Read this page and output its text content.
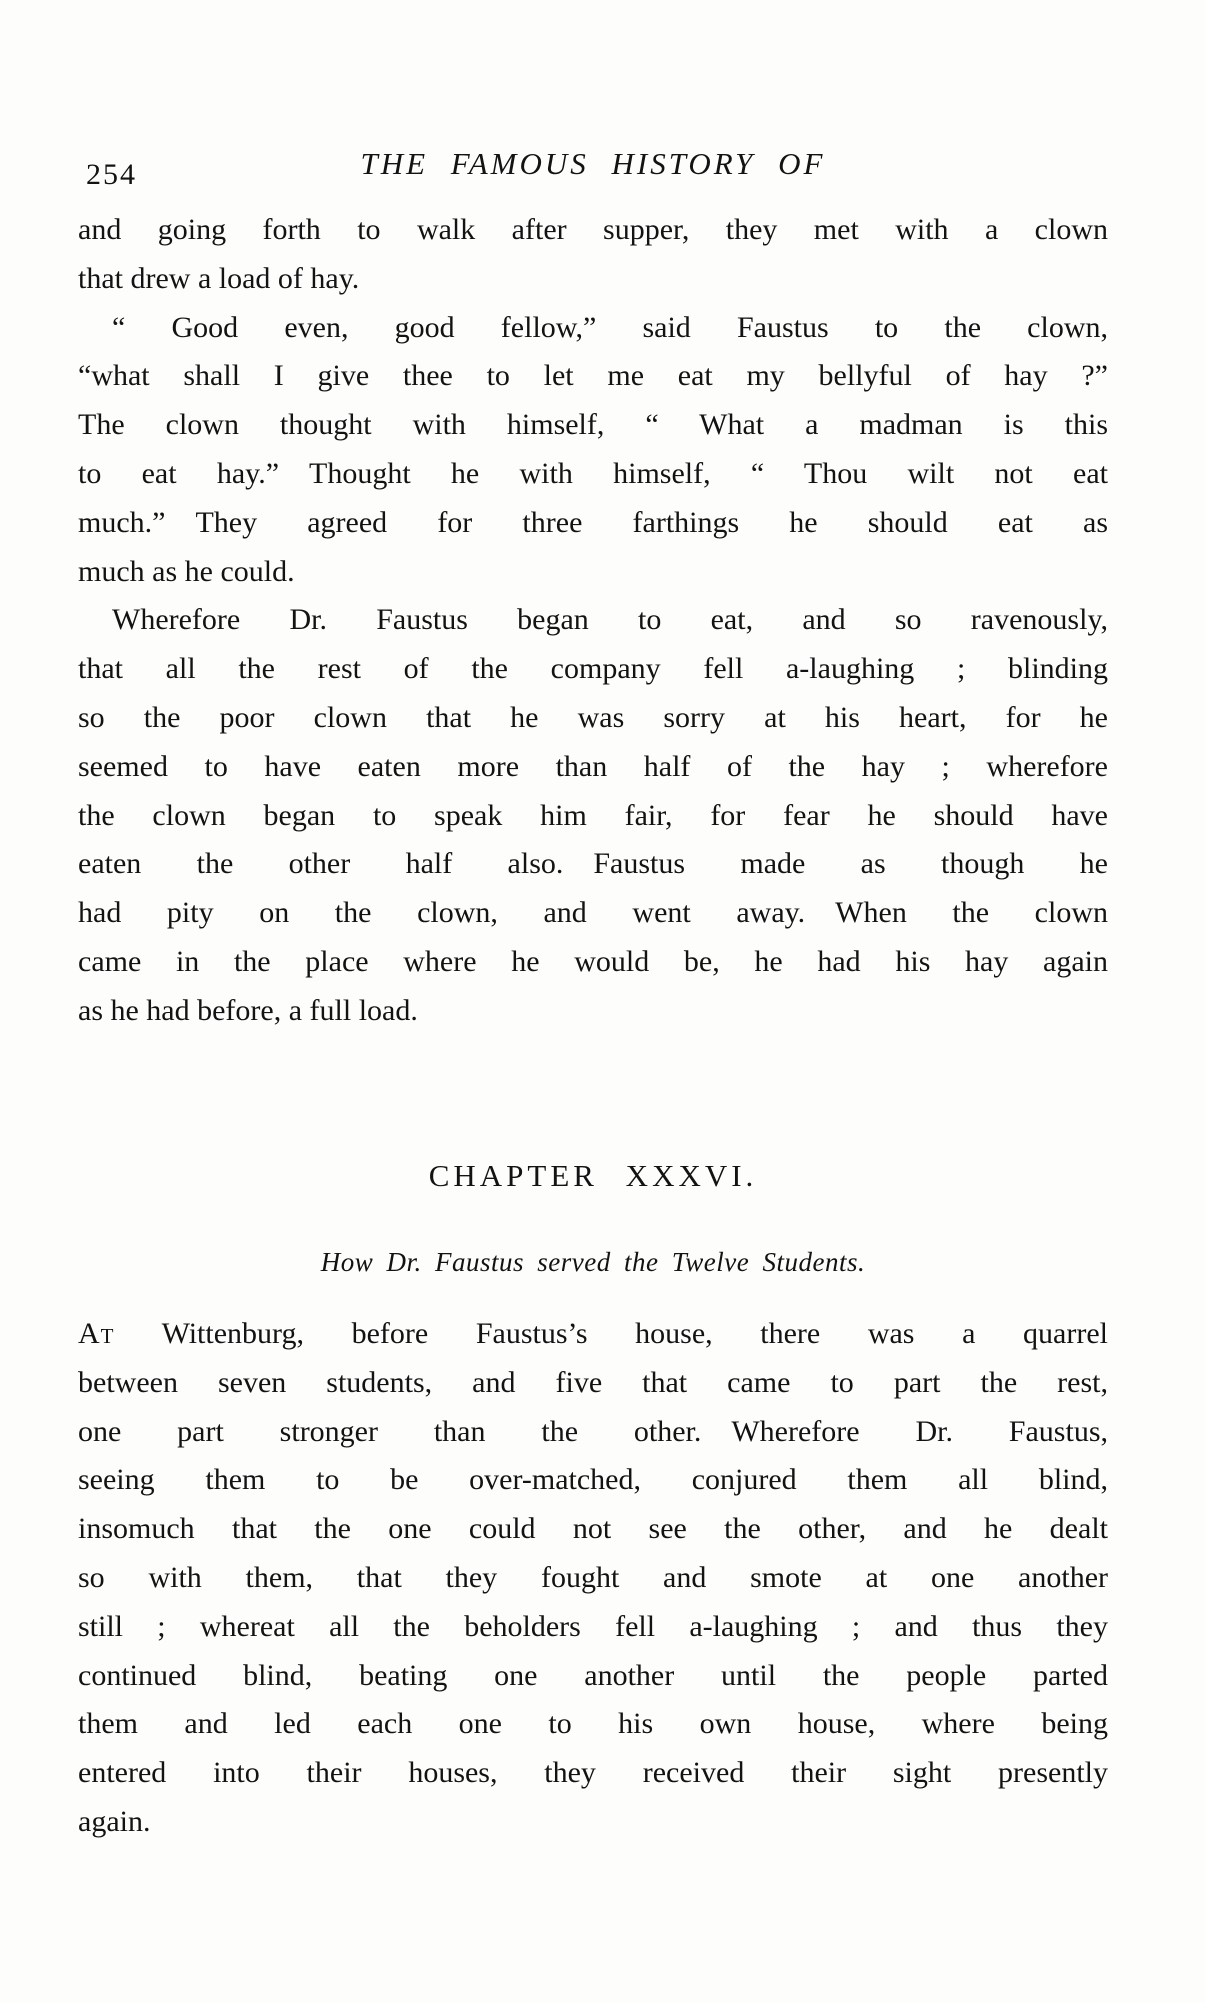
254	THE FAMOUS HISTORY OF
and going forth to walk after supper, they met with a clown
that drew a load of hay.
“ Good even, good fellow,” said Faustus to the clown,
“what shall I give thee to let me eat my bellyful of hay ?”
The clown thought with himself, “ What a madman is this
to eat hay.” Thought he with himself, “ Thou wilt not eat
much.” They agreed for three farthings he should eat as
much as he could.
Wherefore Dr. Faustus began to eat, and so ravenously,
that all the rest of the company fell a-laughing ; blinding
so the poor clown that he was sorry at his heart, for he
seemed to have eaten more than half of the hay ; wherefore
the clown began to speak him fair, for fear he should have
eaten the other half also. Faustus made as though he
had pity on the clown, and went away. When the clown
came in the place where he would be, he had his hay again
as he had before, a full load.
CHAPTER XXXVI.
How Dr. Faustus served the Twelve Students.
At Wittenburg, before Faustus’s house, there was a quarrel
between seven students, and five that came to part the rest,
one part stronger than the other. Wherefore Dr. Faustus,
seeing them to be over-matched, conjured them all blind,
insomuch that the one could not see the other, and he dealt
so with them, that they fought and smote at one another
still ; whereat all the beholders fell a-laughing ; and thus they
continued blind, beating one another until the people parted
them and led each one to his own house, where being
entered into their houses, they received their sight presently
again.
